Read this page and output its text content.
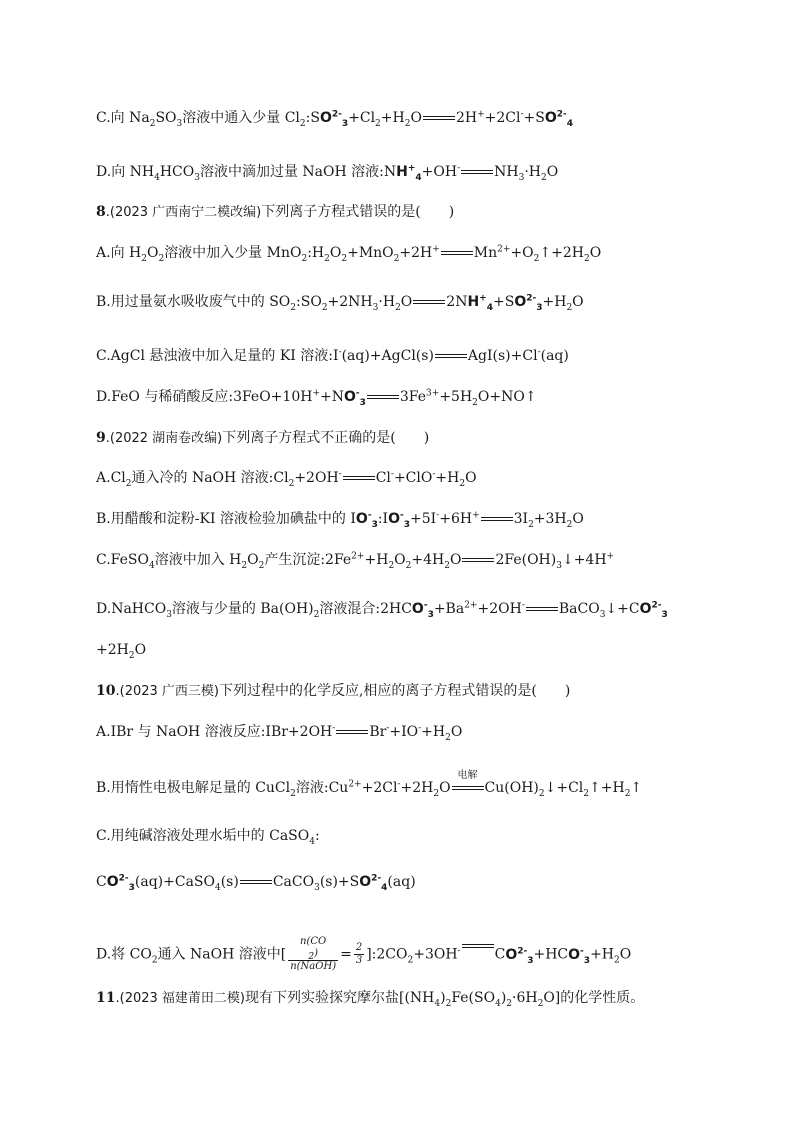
C.向 $Na_2SO_3$溶液中通入少量 $Cl_2:SO^{2-}_3+Cl_2+H_2O$ $2H^++2Cl^-+SO^{2-}_4$
D.向 $NH_4HCO_3$溶液中滴加过量 NaOH 溶液$:NH^+_4+OH^-$ $NH_3\cdot H_2O$
8.(2023 广西南宁二模改编)下列离子方程式错误的是(　　)
A.向 $H_2O_2$溶液中加入少量 $MnO_2:H_2O_2+MnO_2+2H^+$ $Mn^{2+}+O_2↑+2H_2O$
B.用过量氨水吸收废气中的 $SO_2:SO_2+2NH_3\cdot H_2O$ $2NH^+_4+SO^{2-}_3+H_2O$
C.AgCl 悬浊液中加入足量的 KI 溶液:I-(aq)+AgCl(s) AgI(s)+Cl-(aq)
D.FeO 与稀硝酸反应$:3FeO+10H^++NO^-_3$ $3Fe^{3+}+5H_2O+NO↑$
9.(2022 湖南卷改编)下列离子方程式不正确的是(　　)
$A.Cl_2$通入冷的 NaOH 溶液$:Cl_2+2OH^-$ $Cl^-+ClO^-+H_2O$
B.用醋酸和淀粉-KI 溶液检验加碘盐中的 $IO^-_3:IO^-_3+5I^-+6H^+$ $3I_2+3H_2O$
C.FeSO$_4$溶液中加入 $H_2O_2$产生沉淀$:2Fe^{2+}+H_2O_2+4H_2O$ $2Fe(OH)_3↓+4H^+$
D.NaHCO$_3$溶液与少量的 $Ba(OH)_2$溶液混合$:2HCO^-_3+Ba^{2+}+2OH^-$ $BaCO_3↓+CO^{2-}_3$
$+2H_2O$
10.(2023 广西三模)下列过程中的化学反应,相应的离子方程式错误的是(　　)
A.IBr 与 NaOH 溶液反应:IBr+2OH- $Br^-+IO^-+H_2O$
B.用惰性电极电解足量的 CuCl$_2$溶液$:Cu^{2+}+2Cl^-+2H_2O$
电解
$Cu(OH)_2↓+Cl_2↑+H_2↑$
C.用纯碱溶液处理水垢中的 CaSO$_4$:
$CO^{2-}_3(aq)+CaSO_4(s)$ $CaCO_3(s)+SO^{2-}_4(aq)$
D.将 $CO_2$通入 NaOH 溶液中[ n(CO
$_2$)
n(NaOH) = $\frac{2}{3}$ ]$:2CO_2+3OH^-$ $CO^{2-}_3+HCO^-_3+H_2O$
11.(2023 福建莆田二模)现有下列实验探究摩尔盐$[(NH_4)_2Fe(SO_4)_2\cdot 6H_2O]$的化学性质。
